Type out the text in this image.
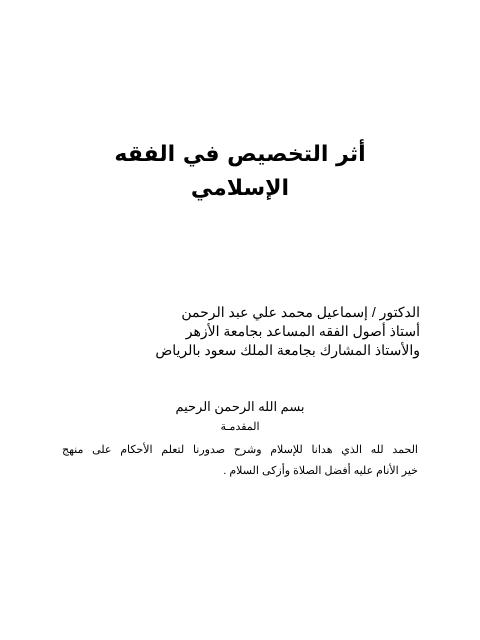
أثر التخصيص في الفقه
الإسلامي

الدكتور / إسماعيل محمد علي عبد الرحمن

أستاذ أصول الفقه المساعد بجامعة الأزهر

والأستاذ المشارك بجامعة الملك سعود بالرياض

بسم الله الرحمن الرحيم

المقدمـة

الحمد لله الذي هدانا للإسلام وشرح صدورنا لتعلم الأحكام على منهج

خير الأنام عليه أفضل الصلاة وأزكى السلام .
